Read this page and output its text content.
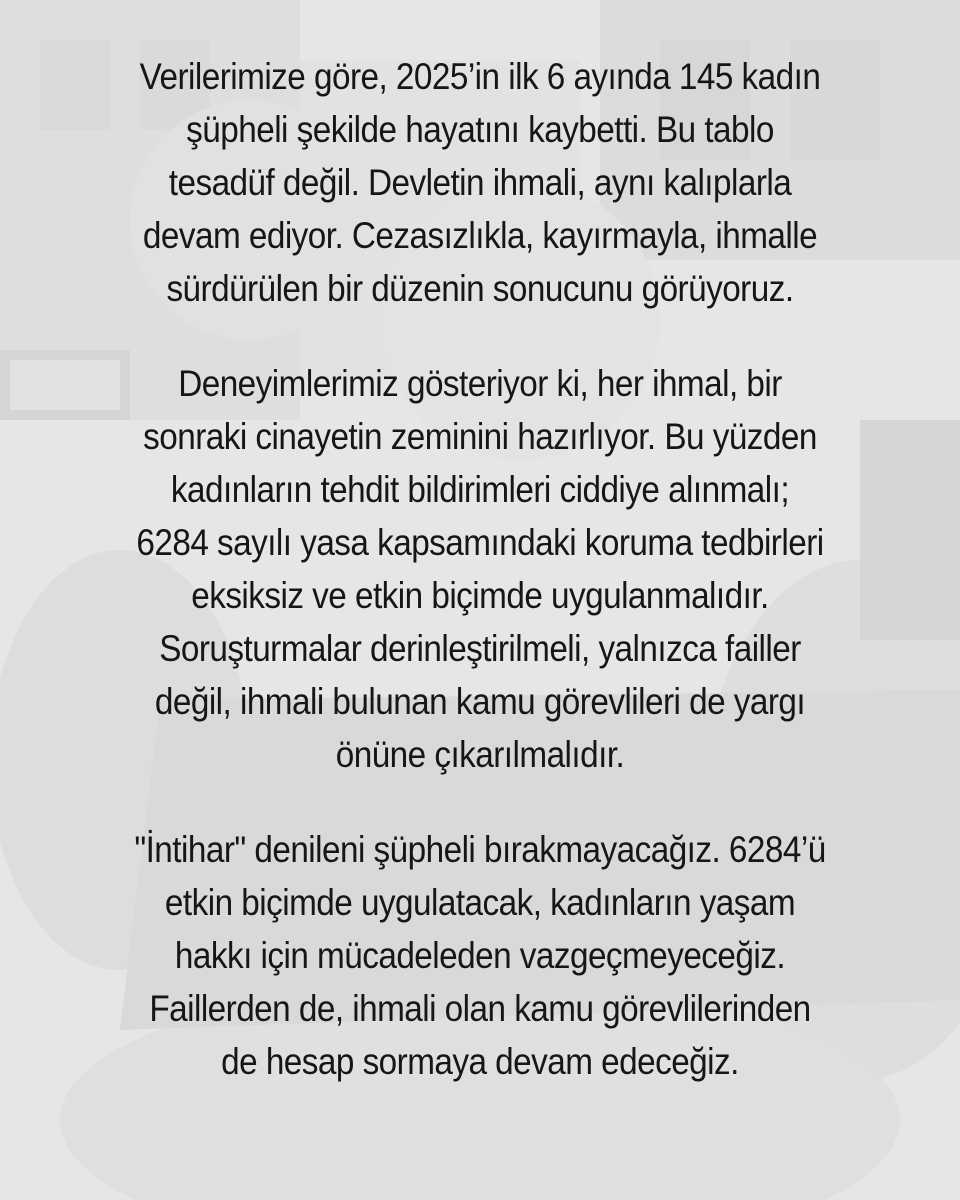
Verilerimize göre, 2025’in ilk 6 ayında 145 kadın
şüpheli şekilde hayatını kaybetti. Bu tablo
tesadüf değil. Devletin ihmali, aynı kalıplarla
devam ediyor. Cezasızlıkla, kayırmayla, ihmalle
sürdürülen bir düzenin sonucunu görüyoruz.
Deneyimlerimiz gösteriyor ki, her ihmal, bir
sonraki cinayetin zeminini hazırlıyor. Bu yüzden
kadınların tehdit bildirimleri ciddiye alınmalı;
6284 sayılı yasa kapsamındaki koruma tedbirleri
eksiksiz ve etkin biçimde uygulanmalıdır.
Soruşturmalar derinleştirilmeli, yalnızca failler
değil, ihmali bulunan kamu görevlileri de yargı
önüne çıkarılmalıdır.
"İntihar" denileni şüpheli bırakmayacağız. 6284’ü
etkin biçimde uygulatacak, kadınların yaşam
hakkı için mücadeleden vazgeçmeyeceğiz.
Faillerden de, ihmali olan kamu görevlilerinden
de hesap sormaya devam edeceğiz.
